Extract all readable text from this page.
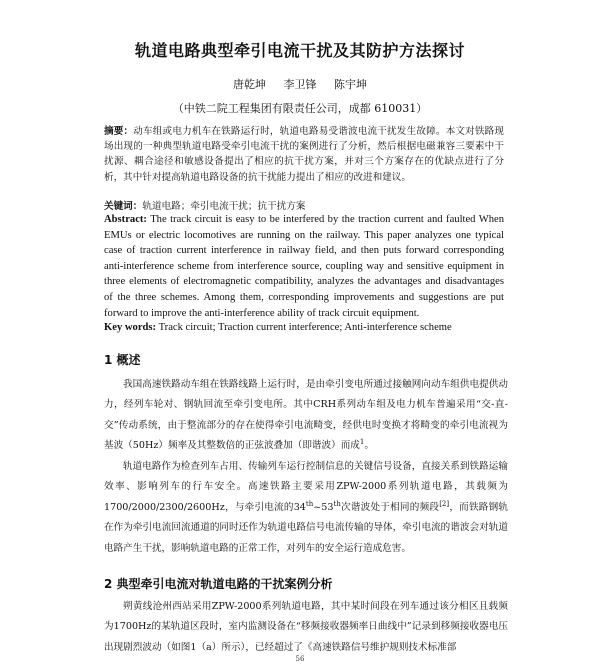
轨道电路典型牵引电流干扰及其防护方法探讨
唐乾坤 李卫锋 陈宇坤
（中铁二院工程集团有限责任公司，成都 610031）
摘要：动车组或电力机车在铁路运行时，轨道电路易受谐波电流干扰发生故障。本文对铁路现场出现的一种典型轨道电路受牵引电流干扰的案例进行了分析，然后根据电磁兼容三要素中干扰源、耦合途径和敏感设备提出了相应的抗干扰方案，并对三个方案存在的优缺点进行了分析，其中针对提高轨道电路设备的抗干扰能力提出了相应的改进和建议。
关键词：轨道电路；牵引电流干扰；抗干扰方案
Abstract: The track circuit is easy to be interfered by the traction current and faulted When EMUs or electric locomotives are running on the railway. This paper analyzes one typical case of traction current interference in railway field, and then puts forward corresponding anti-interference scheme from interference source, coupling way and sensitive equipment in three elements of electromagnetic compatibility, analyzes the advantages and disadvantages of the three schemes. Among them, corresponding improvements and suggestions are put forward to improve the anti-interference ability of track circuit equipment.
Key words: Track circuit; Traction current interference; Anti-interference scheme
1 概述
我国高速铁路动车组在铁路线路上运行时，是由牵引变电所通过接触网向动车组供电提供动力，经列车轮对、钢轨回流至牵引变电所。其中CRH系列动车组及电力机车普遍采用“交-直-交”传动系统，由于整流部分的存在使得牵引电流畸变，经供电时变换才将畸变的牵引电流视为基波（50Hz）频率及其整数倍的正弦波叠加（即谐波）而成$^1$。
轨道电路作为检查列车占用、传输列车运行控制信息的关键信号设备，直接关系到铁路运输效率、影响列车的行车安全。高速铁路主要采用ZPW-2000系列轨道电路，其载频为1700/2000/2300/2600Hz，与牵引电流的34th~53th次谐波处于相同的频段[2]，而铁路钢轨在作为牵引电流回流通道的同时还作为轨道电路信号电流传输的导体，牵引电流的谐波会对轨道电路产生干扰，影响轨道电路的正常工作，对列车的安全运行造成危害。
2 典型牵引电流对轨道电路的干扰案例分析
朔黄线沧州西站采用ZPW-2000系列轨道电路，其中某时间段在列车通过该分相区且载频为1700Hz的某轨道区段时，室内监测设备在“移频接收器频率日曲线中”记录到移频接收器电压出现剧烈波动（如图1（a）所示），已经超过了《高速铁路信号维护规则技术标准部
56
